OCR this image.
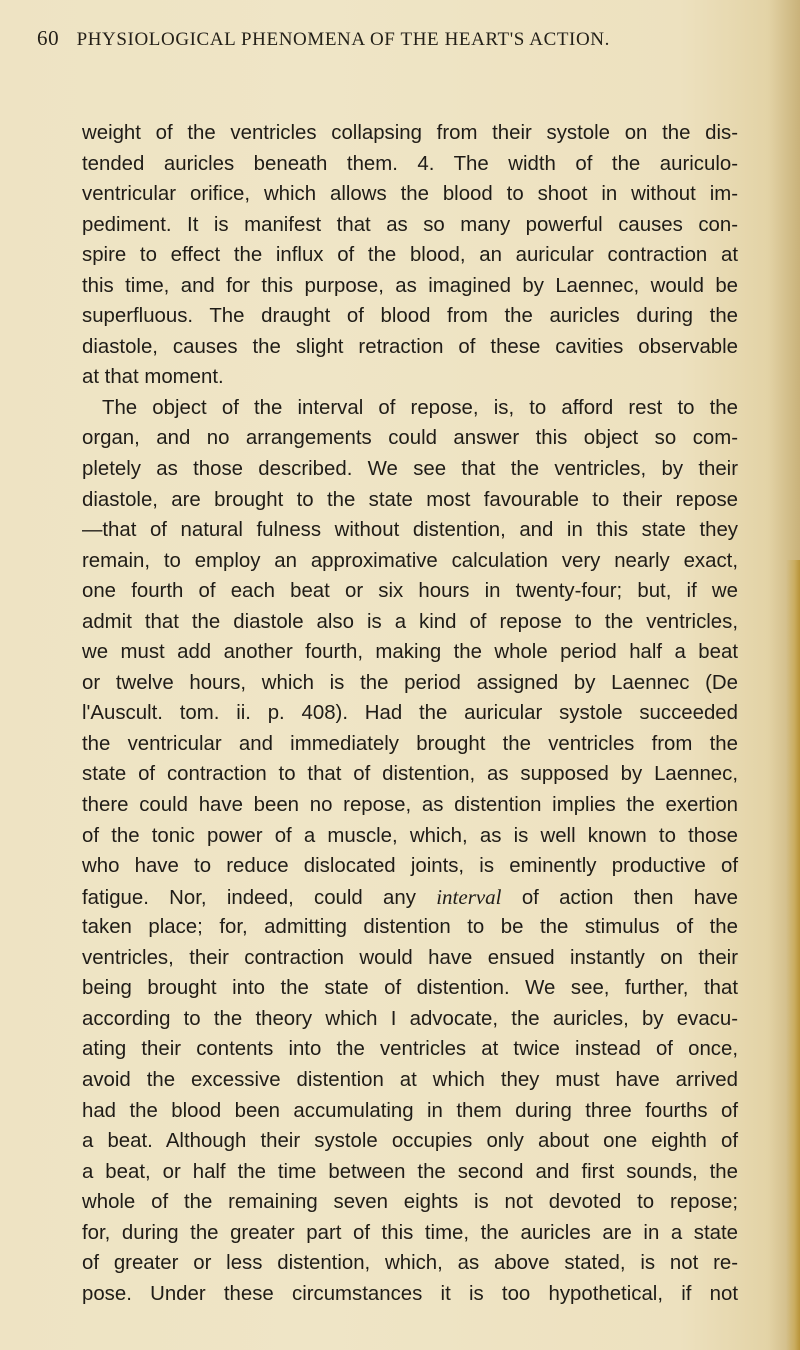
60 PHYSIOLOGICAL PHENOMENA OF THE HEART'S ACTION.
weight of the ventricles collapsing from their systole on the dis-
tended auricles beneath them. 4. The width of the auriculo-
ventricular orifice, which allows the blood to shoot in without im-
pediment. It is manifest that as so many powerful causes con-
spire to effect the influx of the blood, an auricular contraction at
this time, and for this purpose, as imagined by Laennec, would be
superfluous. The draught of blood from the auricles during the
diastole, causes the slight retraction of these cavities observable
at that moment.
The object of the interval of repose, is, to afford rest to the
organ, and no arrangements could answer this object so com-
pletely as those described. We see that the ventricles, by their
diastole, are brought to the state most favourable to their repose
—that of natural fulness without distention, and in this state they
remain, to employ an approximative calculation very nearly exact,
one fourth of each beat or six hours in twenty-four; but, if we
admit that the diastole also is a kind of repose to the ventricles,
we must add another fourth, making the whole period half a beat
or twelve hours, which is the period assigned by Laennec (De
l'Auscult. tom. ii. p. 408). Had the auricular systole succeeded
the ventricular and immediately brought the ventricles from the
state of contraction to that of distention, as supposed by Laennec,
there could have been no repose, as distention implies the exertion
of the tonic power of a muscle, which, as is well known to those
who have to reduce dislocated joints, is eminently productive of
fatigue. Nor, indeed, could any interval of action then have
taken place; for, admitting distention to be the stimulus of the
ventricles, their contraction would have ensued instantly on their
being brought into the state of distention. We see, further, that
according to the theory which I advocate, the auricles, by evacu-
ating their contents into the ventricles at twice instead of once,
avoid the excessive distention at which they must have arrived
had the blood been accumulating in them during three fourths of
a beat. Although their systole occupies only about one eighth of
a beat, or half the time between the second and first sounds, the
whole of the remaining seven eights is not devoted to repose;
for, during the greater part of this time, the auricles are in a state
of greater or less distention, which, as above stated, is not re-
pose. Under these circumstances it is too hypothetical, if not
